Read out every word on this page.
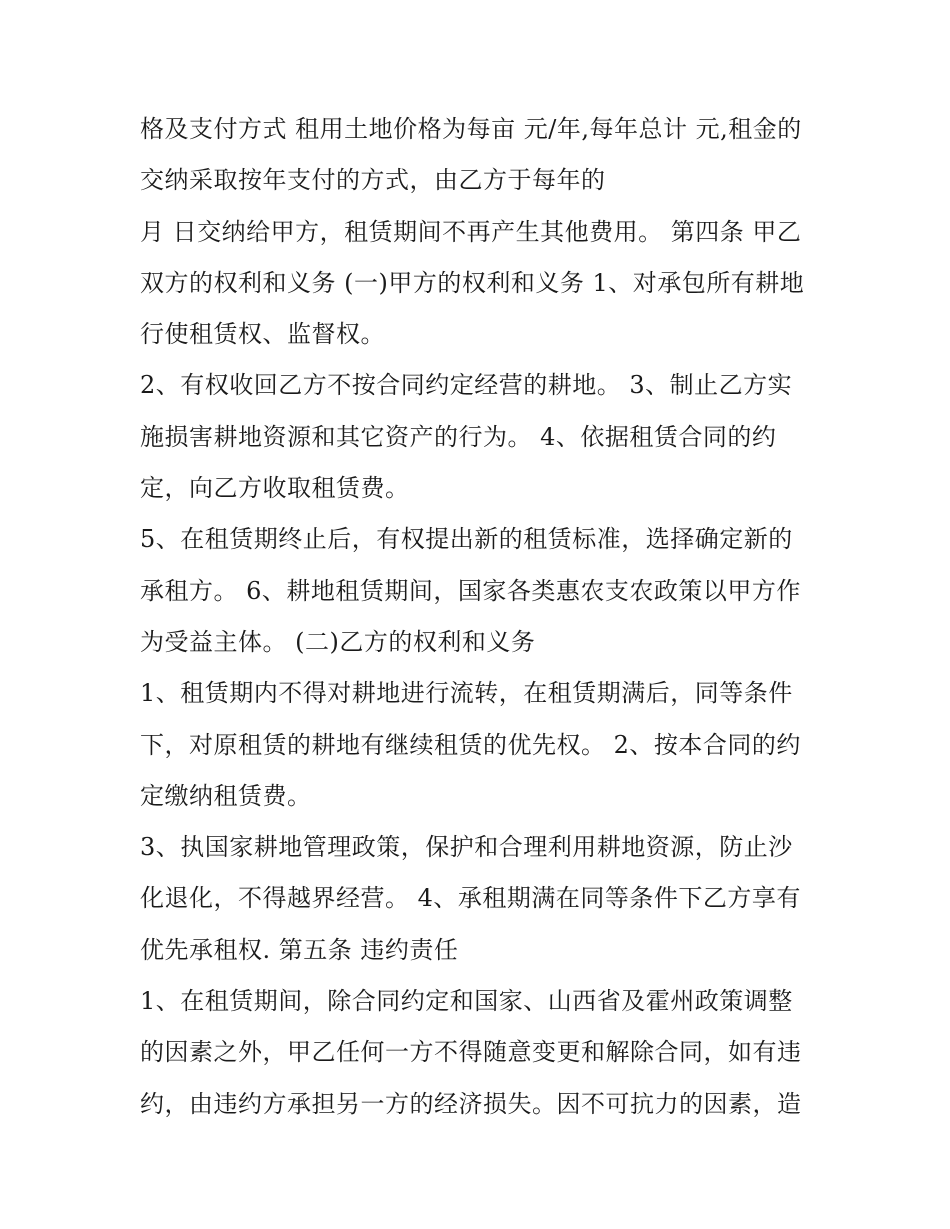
格及支付方式 租用土地价格为每亩 元/年,每年总计 元,租金的
交纳采取按年支付的方式，由乙方于每年的
月 日交纳给甲方，租赁期间不再产生其他费用。 第四条 甲乙
双方的权利和义务 (一)甲方的权利和义务 1、对承包所有耕地
行使租赁权、监督权。
2、有权收回乙方不按合同约定经营的耕地。 3、制止乙方实
施损害耕地资源和其它资产的行为。 4、依据租赁合同的约
定，向乙方收取租赁费。
5、在租赁期终止后，有权提出新的租赁标准，选择确定新的
承租方。 6、耕地租赁期间，国家各类惠农支农政策以甲方作
为受益主体。 (二)乙方的权利和义务
1、租赁期内不得对耕地进行流转，在租赁期满后，同等条件
下，对原租赁的耕地有继续租赁的优先权。 2、按本合同的约
定缴纳租赁费。
3、执国家耕地管理政策，保护和合理利用耕地资源，防止沙
化退化，不得越界经营。 4、承租期满在同等条件下乙方享有
优先承租权. 第五条 违约责任
1、在租赁期间，除合同约定和国家、山西省及霍州政策调整
的因素之外，甲乙任何一方不得随意变更和解除合同，如有违
约，由违约方承担另一方的经济损失。因不可抗力的因素，造
